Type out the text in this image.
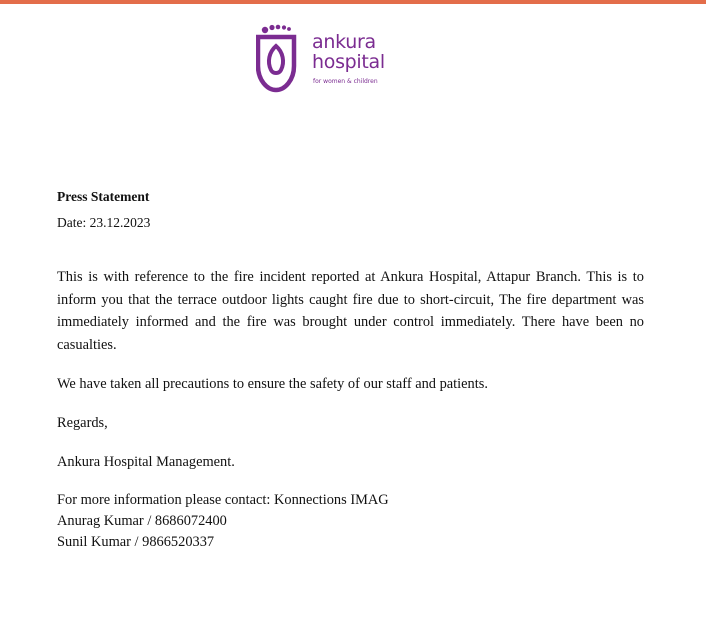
ankura
hospital
for women & children

Press Statement

Date: 23.12.2023

This is with reference to the fire incident reported at Ankura Hospital, Attapur Branch. This is to inform you that the terrace outdoor lights caught fire due to short-circuit, The fire department was immediately informed and the fire was brought under control immediately. There have been no casualties.

We have taken all precautions to ensure the safety of our staff and patients.

Regards,

Ankura Hospital Management.

For more information please contact: Konnections IMAG
Anurag Kumar / 8686072400
Sunil Kumar / 9866520337
